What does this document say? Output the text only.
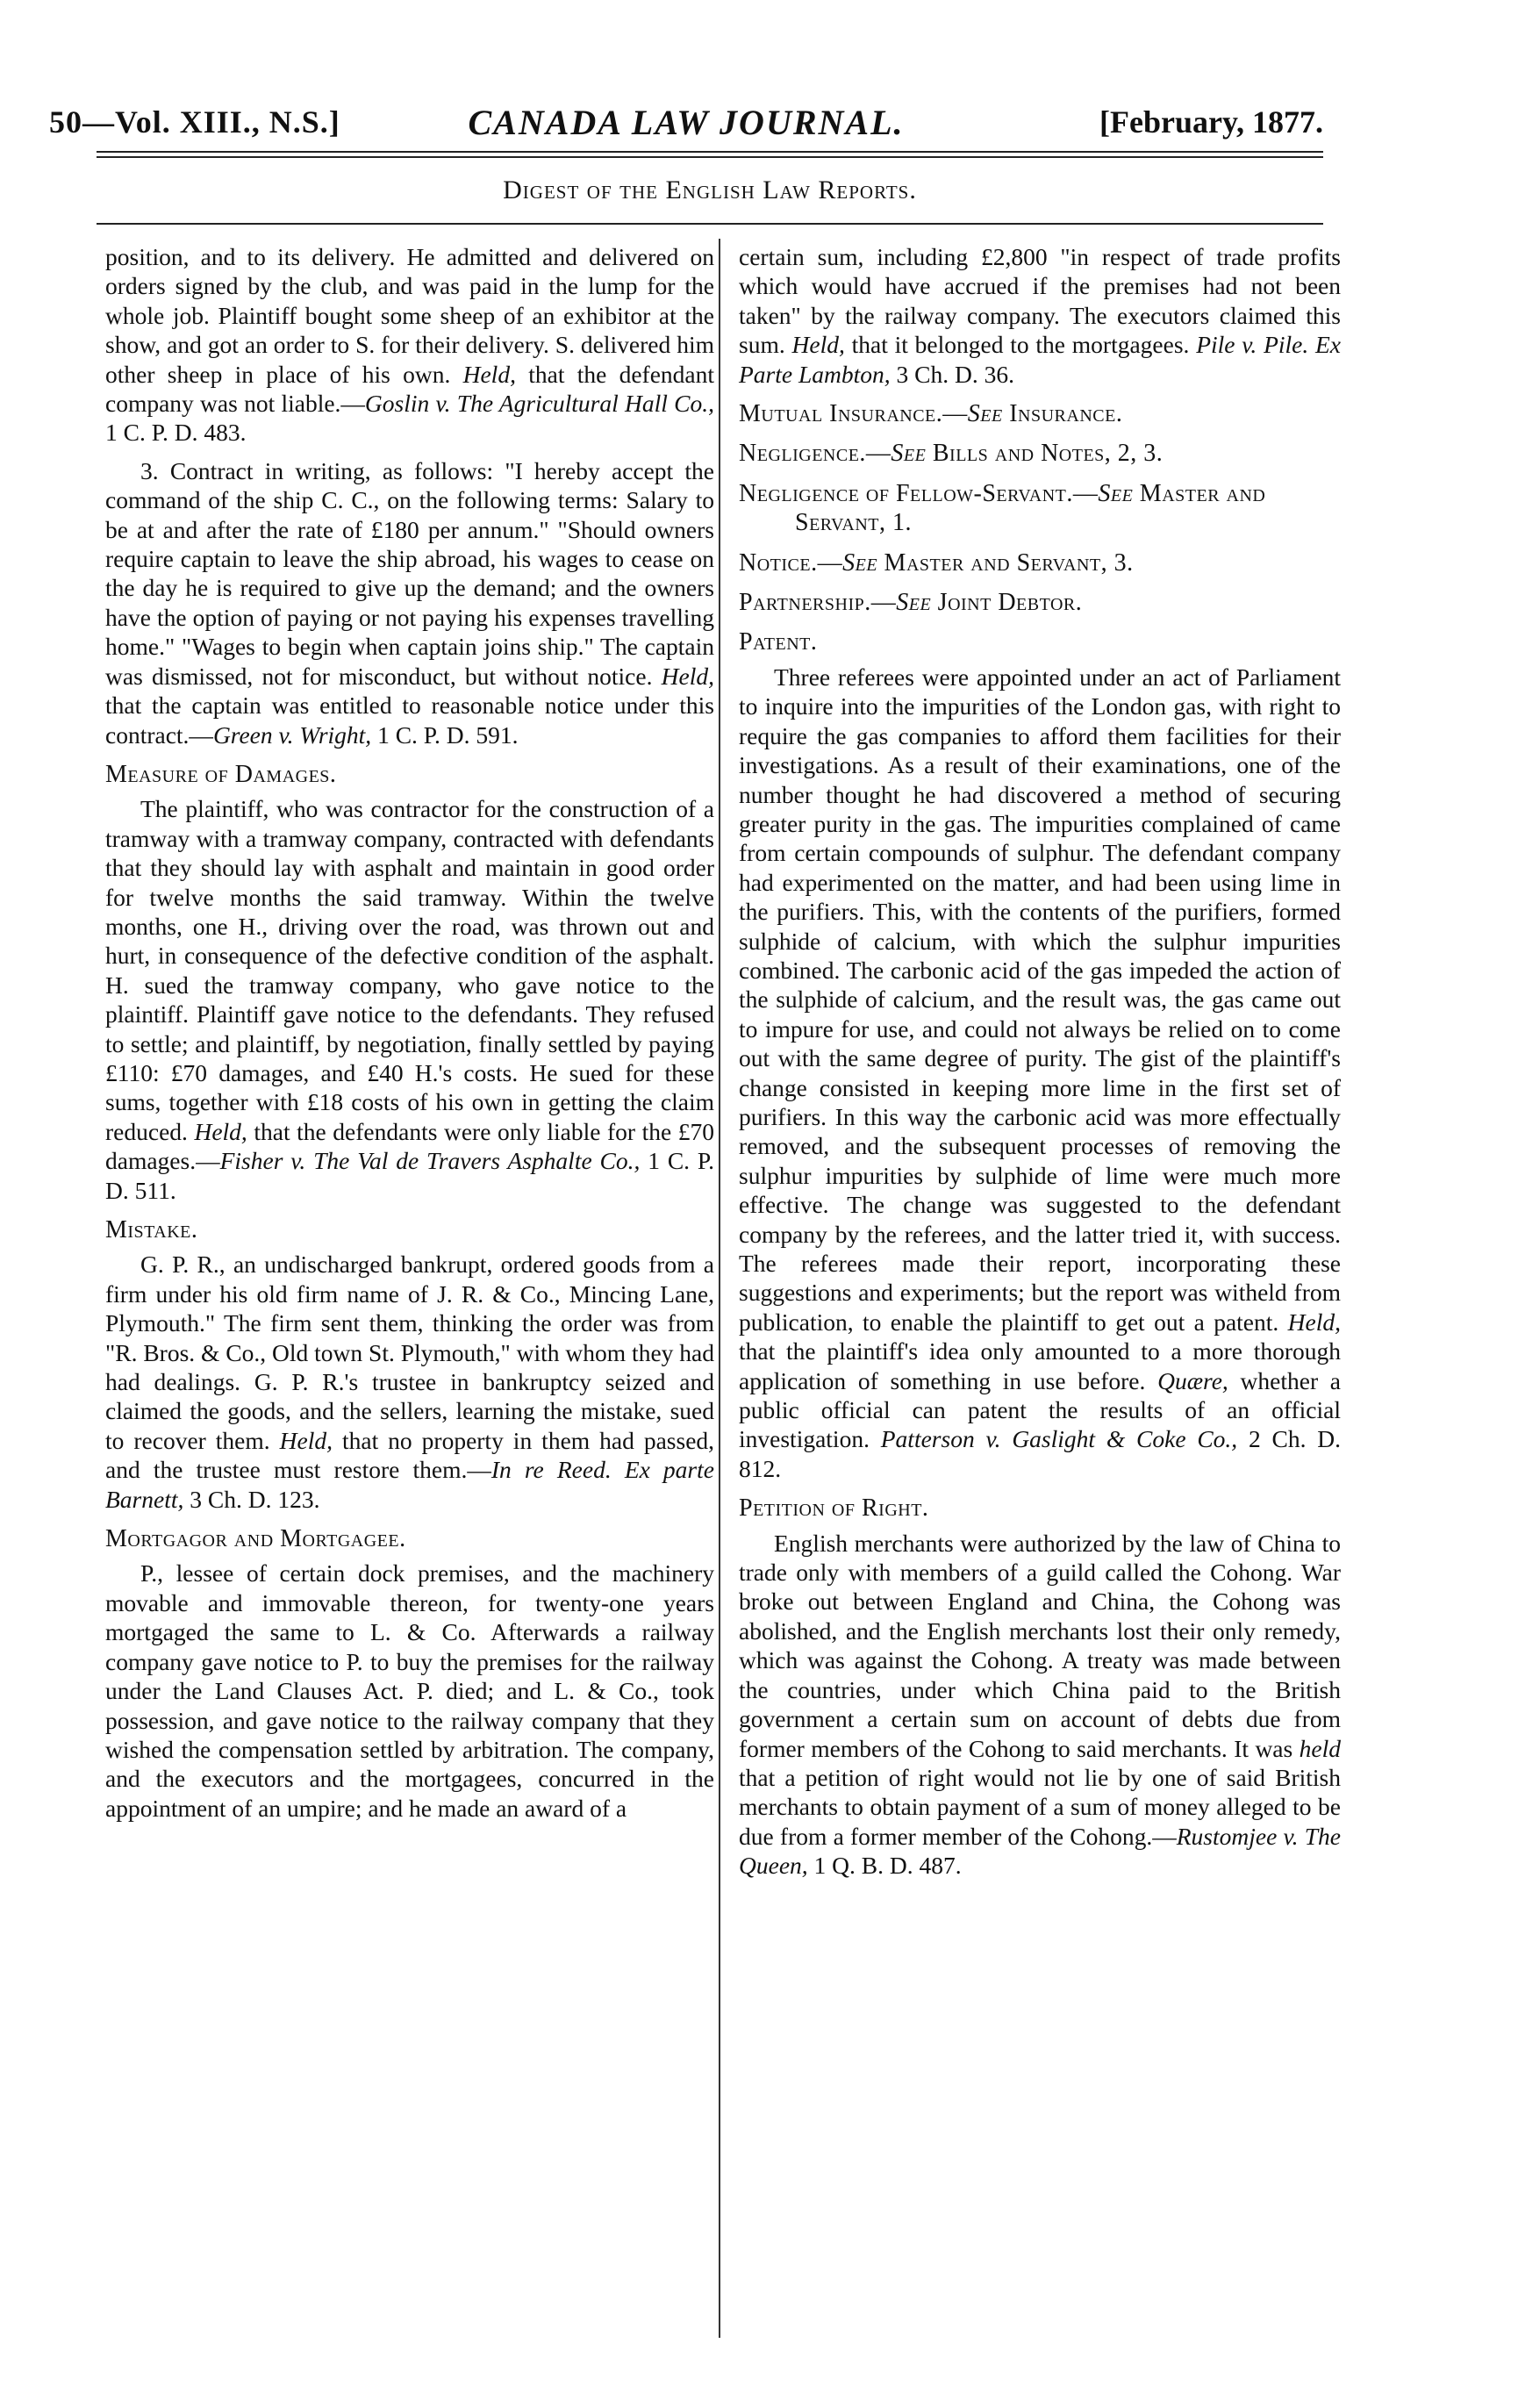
50—Vol. XIII., N.S.]	CANADA LAW JOURNAL.	[February, 1877.
Digest of the English Law Reports.

position, and to its delivery. He admitted and delivered on orders signed by the club, and was paid in the lump for the whole job. Plaintiff bought some sheep of an exhibitor at the show, and got an order to S. for their delivery. S. delivered him other sheep in place of his own. Held, that the defendant company was not liable.—Goslin v. The Agricultural Hall Co., 1 C. P. D. 483.

3. Contract in writing, as follows: "I hereby accept the command of the ship C. C., on the following terms: Salary to be at and after the rate of £180 per annum." "Should owners require captain to leave the ship abroad, his wages to cease on the day he is required to give up the demand; and the owners have the option of paying or not paying his expenses travelling home." "Wages to begin when captain joins ship." The captain was dismissed, not for misconduct, but without notice. Held, that the captain was entitled to reasonable notice under this contract.—Green v. Wright, 1 C. P. D. 591.

Measure of Damages.

The plaintiff, who was contractor for the construction of a tramway with a tramway company, contracted with defendants that they should lay with asphalt and maintain in good order for twelve months the said tramway. Within the twelve months, one H., driving over the road, was thrown out and hurt, in consequence of the defective condition of the asphalt. H. sued the tramway company, who gave notice to the plaintiff. Plaintiff gave notice to the defendants. They refused to settle; and plaintiff, by negotiation, finally settled by paying £110: £70 damages, and £40 H.'s costs. He sued for these sums, together with £18 costs of his own in getting the claim reduced. Held, that the defendants were only liable for the £70 damages.—Fisher v. The Val de Travers Asphalte Co., 1 C. P. D. 511.

Mistake.

G. P. R., an undischarged bankrupt, ordered goods from a firm under his old firm name of J. R. & Co., Mincing Lane, Plymouth." The firm sent them, thinking the order was from "R. Bros. & Co., Old town St. Plymouth," with whom they had had dealings. G. P. R.'s trustee in bankruptcy seized and claimed the goods, and the sellers, learning the mistake, sued to recover them. Held, that no property in them had passed, and the trustee must restore them.—In re Reed. Ex parte Barnett, 3 Ch. D. 123.

Mortgagor and Mortgagee.

P., lessee of certain dock premises, and the machinery movable and immovable thereon, for twenty-one years mortgaged the same to L. & Co. Afterwards a railway company gave notice to P. to buy the premises for the railway under the Land Clauses Act. P. died; and L. & Co., took possession, and gave notice to the railway company that they wished the compensation settled by arbitration. The company, and the executors and the mortgagees, concurred in the appointment of an umpire; and he made an award of a

certain sum, including £2,800 "in respect of trade profits which would have accrued if the premises had not been taken" by the railway company. The executors claimed this sum. Held, that it belonged to the mortgagees. Pile v. Pile. Ex Parte Lambton, 3 Ch. D. 36.

Mutual Insurance.—See Insurance.
Negligence.—See Bills and Notes, 2, 3.
Negligence of Fellow-Servant.—See Master and Servant, 1.
Notice.—See Master and Servant, 3.
Partnership.—See Joint Debtor.
Patent.

Three referees were appointed under an act of Parliament to inquire into the impurities of the London gas, with right to require the gas companies to afford them facilities for their investigations. As a result of their examinations, one of the number thought he had discovered a method of securing greater purity in the gas. The impurities complained of came from certain compounds of sulphur. The defendant company had experimented on the matter, and had been using lime in the purifiers. This, with the contents of the purifiers, formed sulphide of calcium, with which the sulphur impurities combined. The carbonic acid of the gas impeded the action of the sulphide of calcium, and the result was, the gas came out to impure for use, and could not always be relied on to come out with the same degree of purity. The gist of the plaintiff's change consisted in keeping more lime in the first set of purifiers. In this way the carbonic acid was more effectually removed, and the subsequent processes of removing the sulphur impurities by sulphide of lime were much more effective. The change was suggested to the defendant company by the referees, and the latter tried it, with success. The referees made their report, incorporating these suggestions and experiments; but the report was witheld from publication, to enable the plaintiff to get out a patent. Held, that the plaintiff's idea only amounted to a more thorough application of something in use before. Quære, whether a public official can patent the results of an official investigation. Patterson v. Gaslight & Coke Co., 2 Ch. D. 812.

Petition of Right.

English merchants were authorized by the law of China to trade only with members of a guild called the Cohong. War broke out between England and China, the Cohong was abolished, and the English merchants lost their only remedy, which was against the Cohong. A treaty was made between the countries, under which China paid to the British government a certain sum on account of debts due from former members of the Cohong to said merchants. It was held that a petition of right would not lie by one of said British merchants to obtain payment of a sum of money alleged to be due from a former member of the Cohong.—Rustomjee v. The Queen, 1 Q. B. D. 487.
